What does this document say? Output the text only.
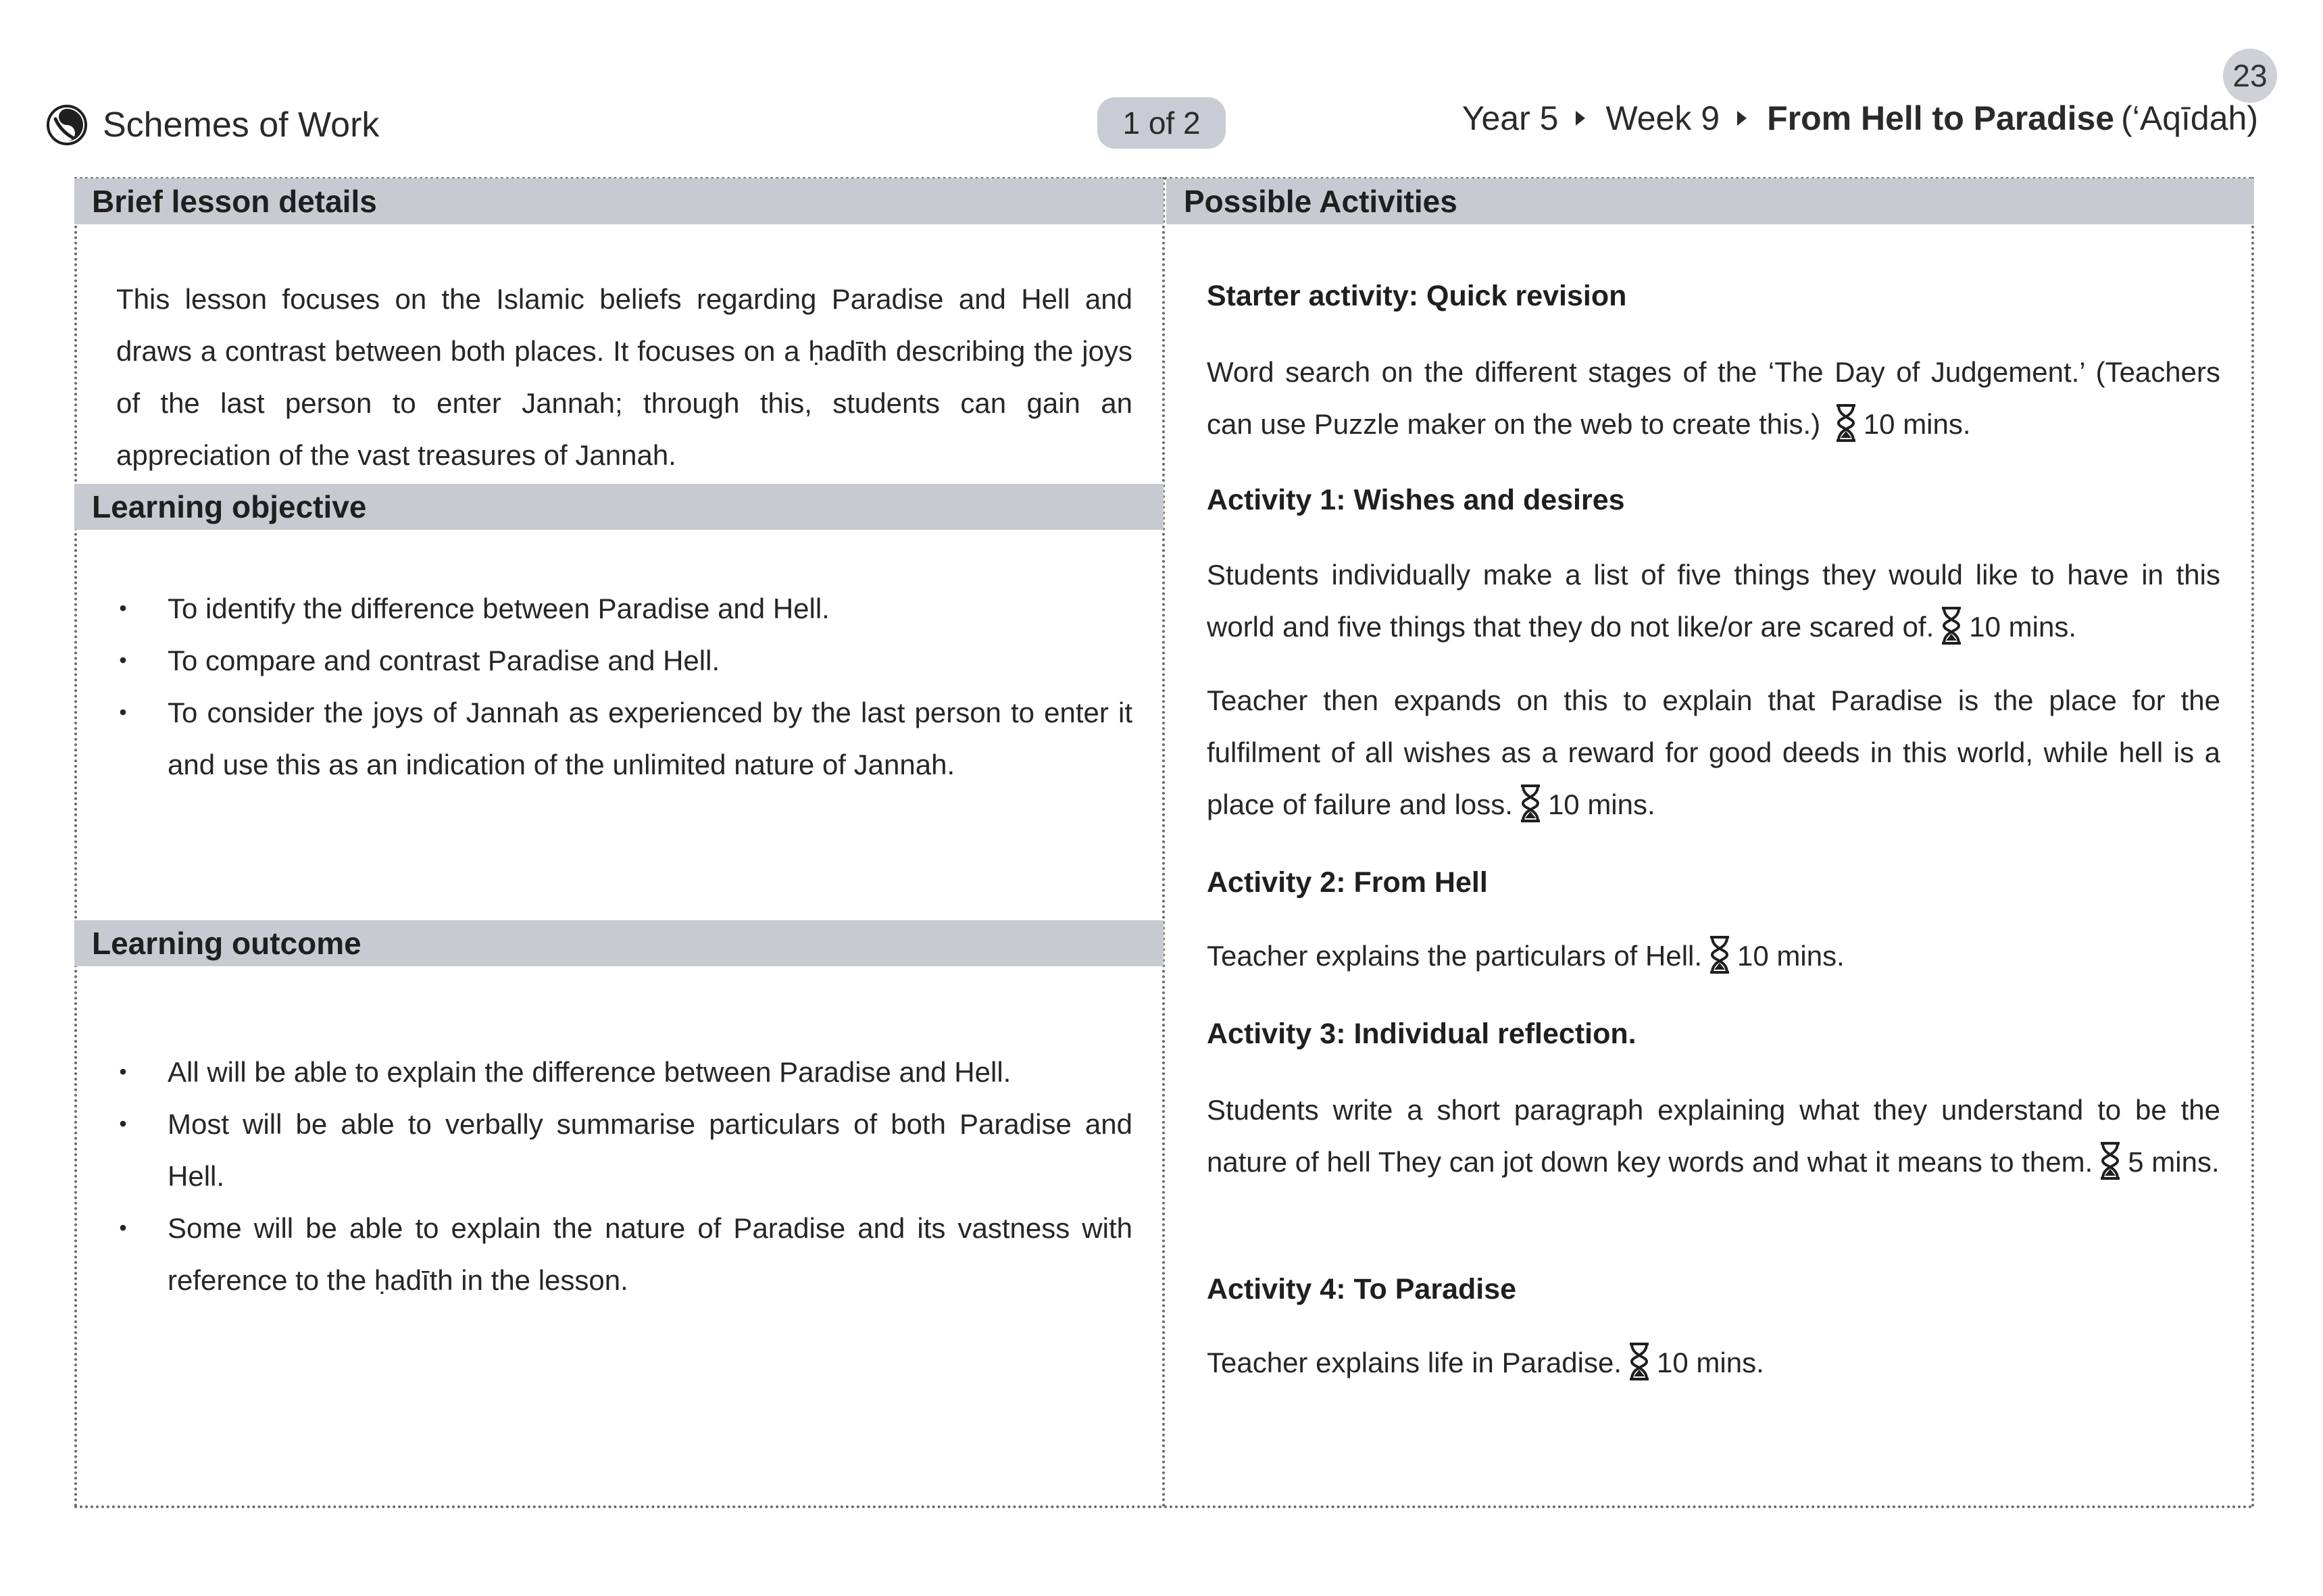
23
Schemes of Work	1 of 2	Year 5 Week 9 From Hell to Paradise (‘Aqīdah)
Brief lesson details
This lesson focuses on the Islamic beliefs regarding Paradise and Hell and draws a contrast between both places. It focuses on a ḥadīth describing the joys of the last person to enter Jannah; through this, students can gain an appreciation of the vast treasures of Jannah.
Learning objective
• To identify the difference between Paradise and Hell.
• To compare and contrast Paradise and Hell.
• To consider the joys of Jannah as experienced by the last person to enter it and use this as an indication of the unlimited nature of Jannah.
Learning outcome
• All will be able to explain the difference between Paradise and Hell.
• Most will be able to verbally summarise particulars of both Paradise and Hell.
• Some will be able to explain the nature of Paradise and its vastness with reference to the ḥadīth in the lesson.
Possible Activities
Starter activity: Quick revision
Word search on the different stages of the ‘The Day of Judgement.’ (Teachers can use Puzzle maker on the web to create this.) 10 mins.
Activity 1: Wishes and desires
Students individually make a list of five things they would like to have in this world and five things that they do not like/or are scared of. 10 mins.
Teacher then expands on this to explain that Paradise is the place for the fulfilment of all wishes as a reward for good deeds in this world, while hell is a place of failure and loss. 10 mins.
Activity 2: From Hell
Teacher explains the particulars of Hell. 10 mins.
Activity 3: Individual reflection.
Students write a short paragraph explaining what they understand to be the nature of hell They can jot down key words and what it means to them. 5 mins.
Activity 4: To Paradise
Teacher explains life in Paradise. 10 mins.
